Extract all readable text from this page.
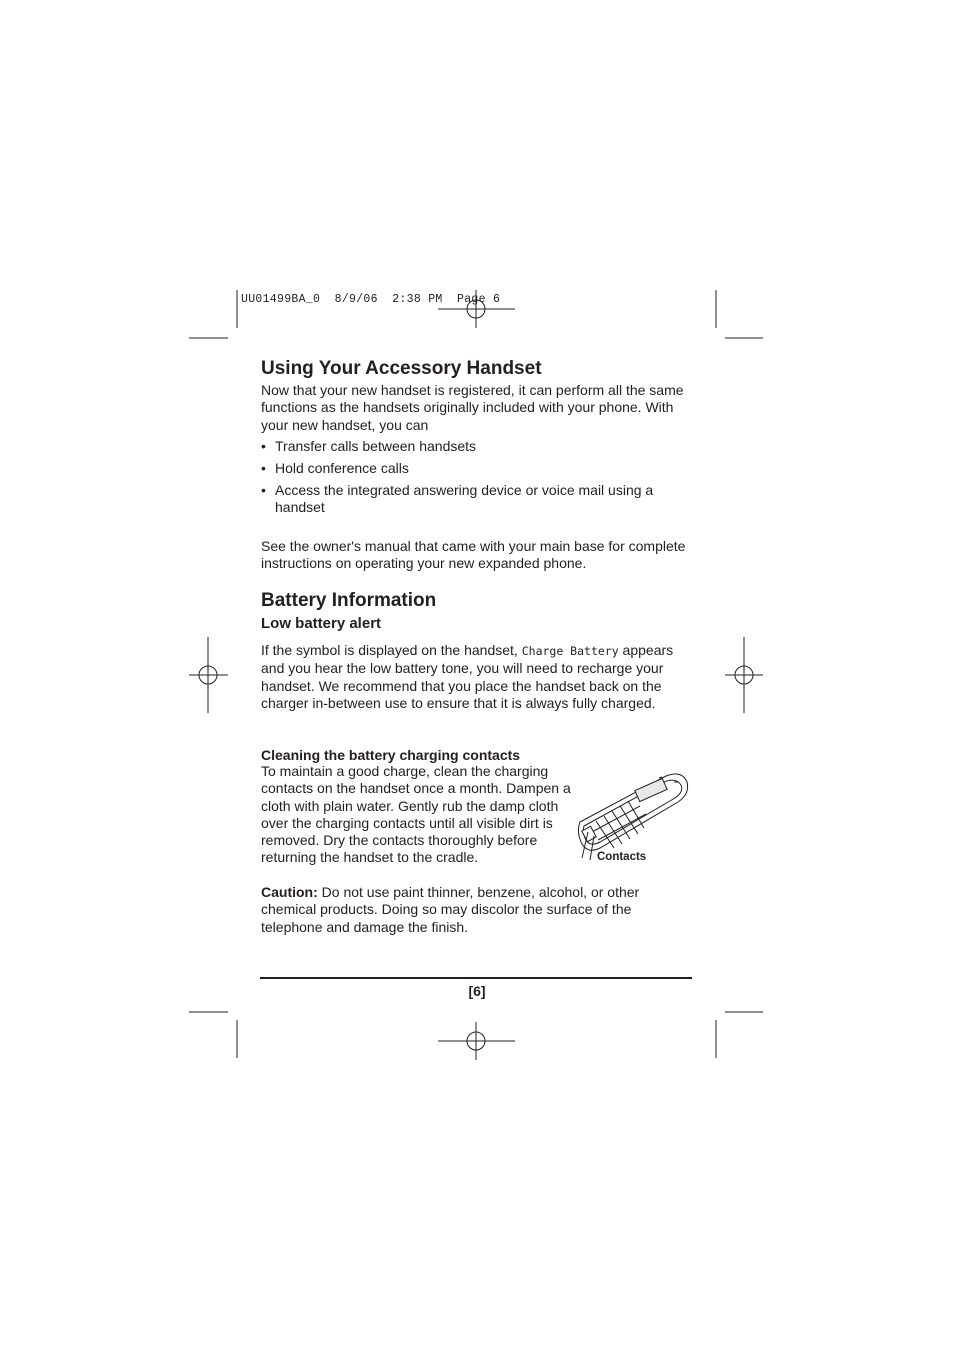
UU01499BA_0  8/9/06  2:38 PM  Page 6
Using Your Accessory Handset

Now that your new handset is registered, it can perform all the same functions as the handsets originally included with your phone. With your new handset, you can

• Transfer calls between handsets
• Hold conference calls
• Access the integrated answering device or voice mail using a handset

See the owner's manual that came with your main base for complete instructions on operating your new expanded phone.

Battery Information
Low battery alert

If the symbol is displayed on the handset, Charge Battery appears and you hear the low battery tone, you will need to recharge your handset. We recommend that you place the handset back on the charger in-between use to ensure that it is always fully charged.

Cleaning the battery charging contacts

To maintain a good charge, clean the charging contacts on the handset once a month. Dampen a cloth with plain water. Gently rub the damp cloth over the charging contacts until all visible dirt is removed. Dry the contacts thoroughly before returning the handset to the cradle.	Contacts

Caution: Do not use paint thinner, benzene, alcohol, or other chemical products. Doing so may discolor the surface of the telephone and damage the finish.

[6]
